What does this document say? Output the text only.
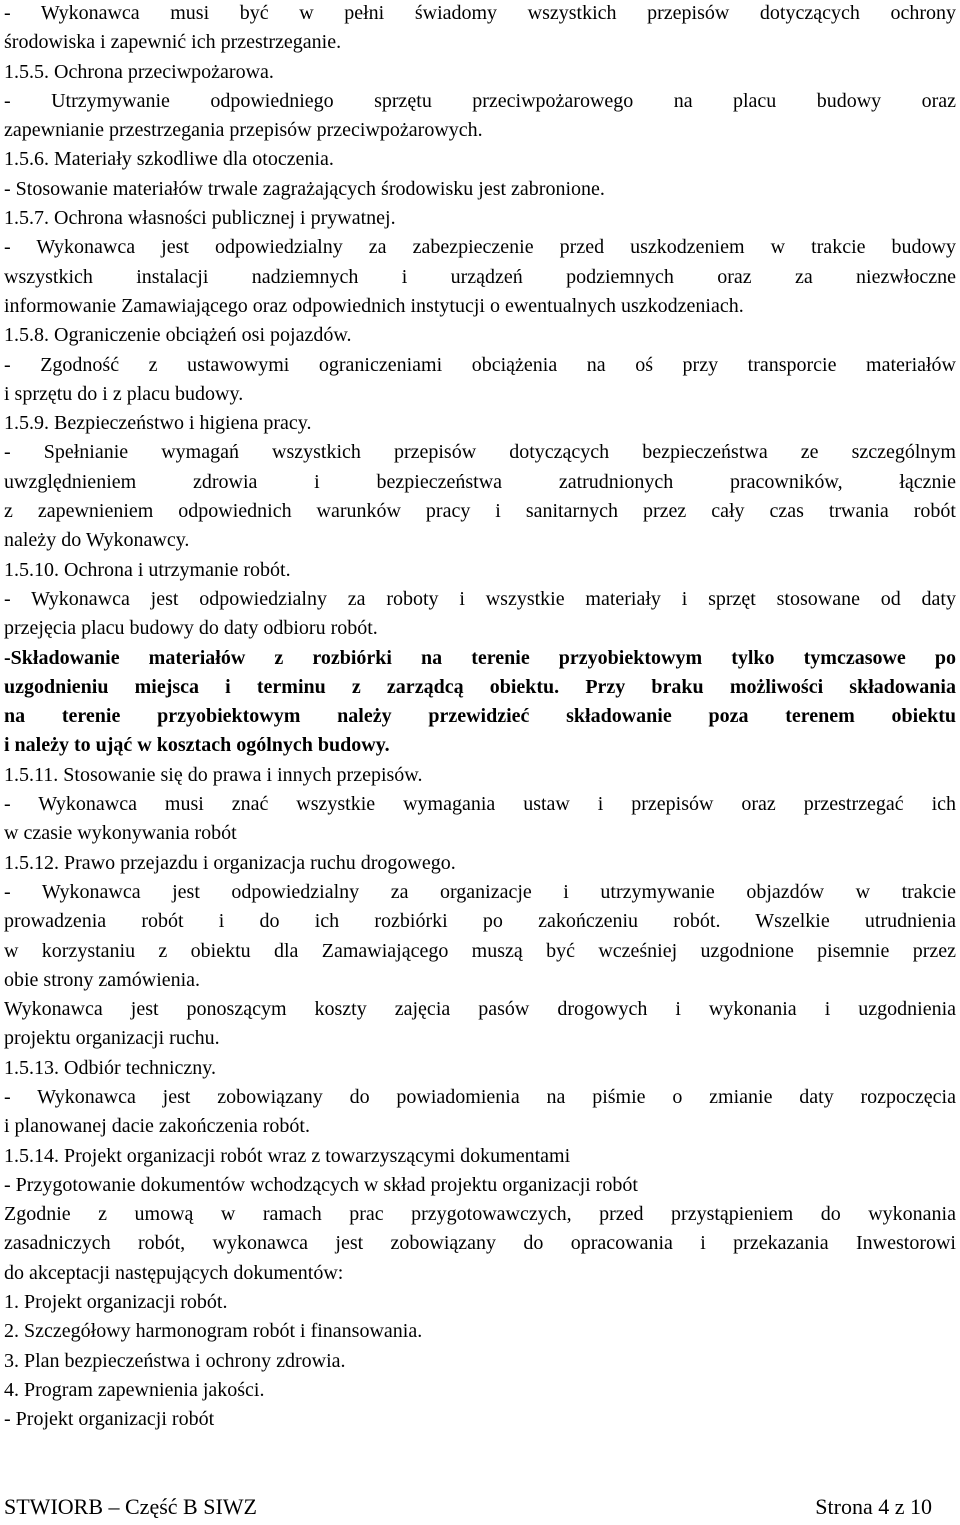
- Wykonawca musi być w pełni świadomy wszystkich przepisów dotyczących ochrony
środowiska i zapewnić ich przestrzeganie.
1.5.5. Ochrona przeciwpożarowa.
- Utrzymywanie odpowiedniego sprzętu przeciwpożarowego na placu budowy oraz
zapewnianie przestrzegania przepisów przeciwpożarowych.
1.5.6. Materiały szkodliwe dla otoczenia.
- Stosowanie materiałów trwale zagrażających środowisku jest zabronione.
1.5.7. Ochrona własności publicznej i prywatnej.
- Wykonawca jest odpowiedzialny za zabezpieczenie przed uszkodzeniem w trakcie budowy
wszystkich instalacji nadziemnych i urządzeń podziemnych oraz za niezwłoczne
informowanie Zamawiającego oraz odpowiednich instytucji o ewentualnych uszkodzeniach.
1.5.8. Ograniczenie obciążeń osi pojazdów.
- Zgodność z ustawowymi ograniczeniami obciążenia na oś przy transporcie materiałów
i sprzętu do i z placu budowy.
1.5.9. Bezpieczeństwo i higiena pracy.
- Spełnianie wymagań wszystkich przepisów dotyczących bezpieczeństwa ze szczególnym
uwzględnieniem zdrowia i bezpieczeństwa zatrudnionych pracowników, łącznie
z zapewnieniem odpowiednich warunków pracy i sanitarnych przez cały czas trwania robót
należy do Wykonawcy.
1.5.10. Ochrona i utrzymanie robót.
- Wykonawca jest odpowiedzialny za roboty i wszystkie materiały i sprzęt stosowane od daty
przejęcia placu budowy do daty odbioru robót.
-Składowanie materiałów z rozbiórki na terenie przyobiektowym tylko tymczasowe po
uzgodnieniu miejsca i terminu z zarządcą obiektu. Przy braku możliwości składowania
na terenie przyobiektowym należy przewidzieć składowanie poza terenem obiektu
i należy to ująć w kosztach ogólnych budowy.
1.5.11. Stosowanie się do prawa i innych przepisów.
- Wykonawca musi znać wszystkie wymagania ustaw i przepisów oraz przestrzegać ich
w czasie wykonywania robót
1.5.12. Prawo przejazdu i organizacja ruchu drogowego.
- Wykonawca jest odpowiedzialny za organizacje i utrzymywanie objazdów w trakcie
prowadzenia robót i do ich rozbiórki po zakończeniu robót. Wszelkie utrudnienia
w korzystaniu z obiektu dla Zamawiającego muszą być wcześniej uzgodnione pisemnie przez
obie strony zamówienia.
Wykonawca jest ponoszącym koszty zajęcia pasów drogowych i wykonania i uzgodnienia
projektu organizacji ruchu.
1.5.13. Odbiór techniczny.
- Wykonawca jest zobowiązany do powiadomienia na piśmie o zmianie daty rozpoczęcia
i planowanej dacie zakończenia robót.
1.5.14. Projekt organizacji robót wraz z towarzyszącymi dokumentami
- Przygotowanie dokumentów wchodzących w skład projektu organizacji robót
Zgodnie z umową w ramach prac przygotowawczych, przed przystąpieniem do wykonania
zasadniczych robót, wykonawca jest zobowiązany do opracowania i przekazania Inwestorowi
do akceptacji następujących dokumentów:
1. Projekt organizacji robót.
2. Szczegółowy harmonogram robót i finansowania.
3. Plan bezpieczeństwa i ochrony zdrowia.
4. Program zapewnienia jakości.
- Projekt organizacji robót
STWIORB – Część B SIWZ	Strona 4 z 10
